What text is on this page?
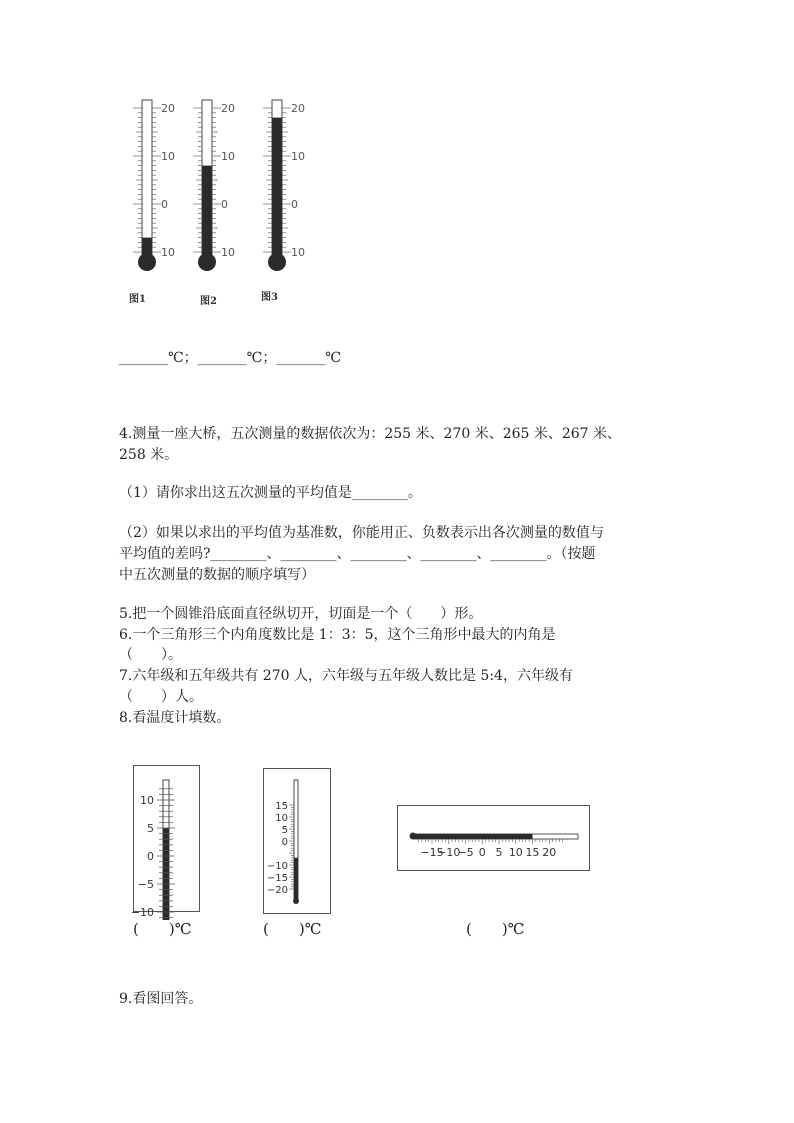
20
10
0
10
20
10
0
10
20
10
0
10
图1	图2	图3
_______℃；_______℃；_______℃
4.测量一座大桥，五次测量的数据依次为：255 米、270 米、265 米、267 米、
258 米。
（1）请你求出这五次测量的平均值是________。
（2）如果以求出的平均值为基准数，你能用正、负数表示出各次测量的数值与
平均值的差吗?________、________、________、________、________。（按题
中五次测量的数据的顺序填写）
5.把一个圆锥沿底面直径纵切开，切面是一个（　　）形。
6.一个三角形三个内角度数比是 1：3：5，这个三角形中最大的内角是
（　　）。
7.六年级和五年级共有 270 人，六年级与五年级人数比是 5:4，六年级有
（　　）人。
8.看温度计填数。
10
5
0
−5
−10
15
10
5
0
−10
−15
−20
−15
−10
−5 0 5 10 15 20
(　　)℃	(　　)℃	(　　)℃
9.看图回答。
